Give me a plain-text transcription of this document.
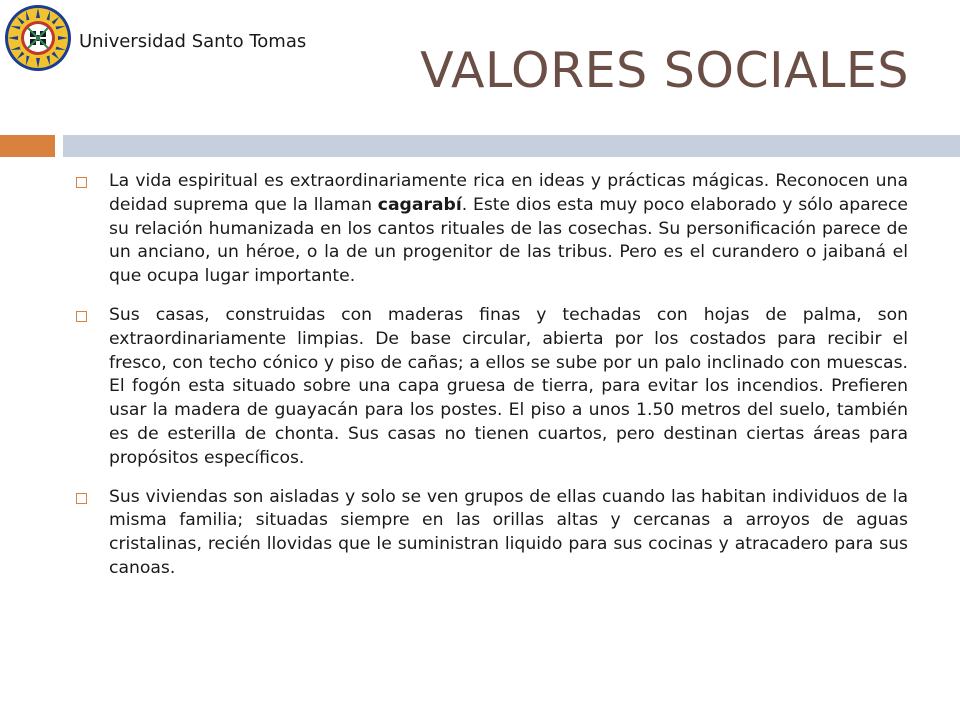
Universidad Santo Tomas
VALORES SOCIALES
La vida espiritual es extraordinariamente rica en ideas y prácticas mágicas. Reconocen una deidad suprema que la llaman cagarabí. Este dios esta muy poco elaborado y sólo aparece su relación humanizada en los cantos rituales de las cosechas. Su personificación parece de un anciano, un héroe, o la de un progenitor de las tribus. Pero es el curandero o jaibaná el que ocupa lugar importante.
Sus casas, construidas con maderas finas y techadas con hojas de palma, son extraordinariamente limpias. De base circular, abierta por los costados para recibir el fresco, con techo cónico y piso de cañas; a ellos se sube por un palo inclinado con muescas. El fogón esta situado sobre una capa gruesa de tierra, para evitar los incendios. Prefieren usar la madera de guayacán para los postes. El piso a unos 1.50 metros del suelo, también es de esterilla de chonta. Sus casas no tienen cuartos, pero destinan ciertas áreas para propósitos específicos.
Sus viviendas son aisladas y solo se ven grupos de ellas cuando las habitan individuos de la misma familia; situadas siempre en las orillas altas y cercanas a arroyos de aguas cristalinas, recién llovidas que le suministran liquido para sus cocinas y atracadero para sus canoas.
